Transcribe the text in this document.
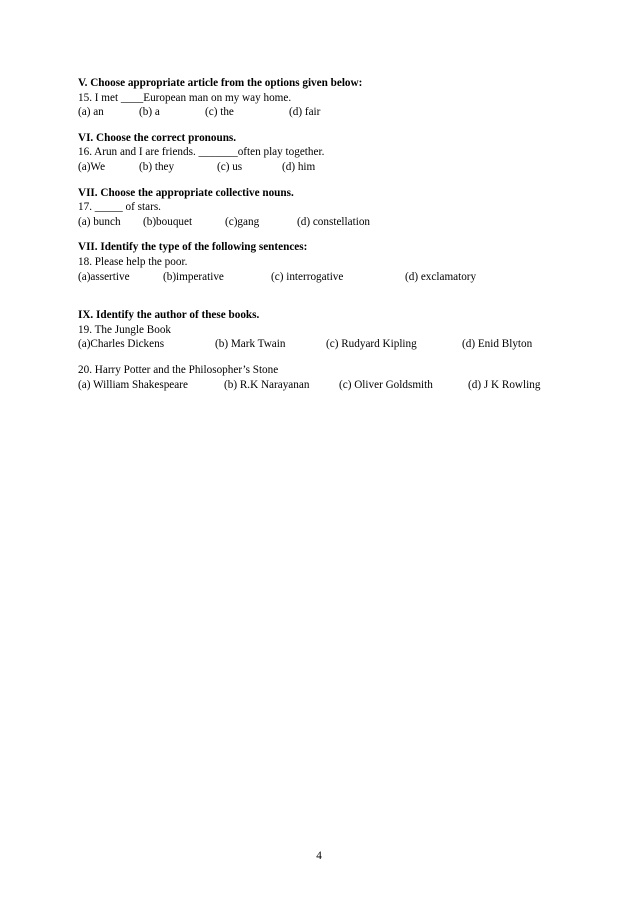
V. Choose appropriate article from the options given below:
15. I met ____European man on my way home.
(a) an	(b) a	(c) the	(d) fair
VI. Choose the correct pronouns.
16. Arun and I are friends. _______often play together.
(a)We	(b) they	(c) us	(d) him
VII. Choose the appropriate collective nouns.
17. _____ of stars.
(a) bunch (b)bouquet	(c)gang	(d) constellation
VII. Identify the type of the following sentences:
18. Please help the poor.
(a)assertive	(b)imperative	(c) interrogative	(d) exclamatory
IX. Identify the author of these books.
19. The Jungle Book
(a)Charles Dickens	(b) Mark Twain	(c) Rudyard Kipling	(d) Enid Blyton
20. Harry Potter and the Philosopher’s Stone
(a) William Shakespeare	(b) R.K Narayanan	(c) Oliver Goldsmith	(d) J K Rowling
4
